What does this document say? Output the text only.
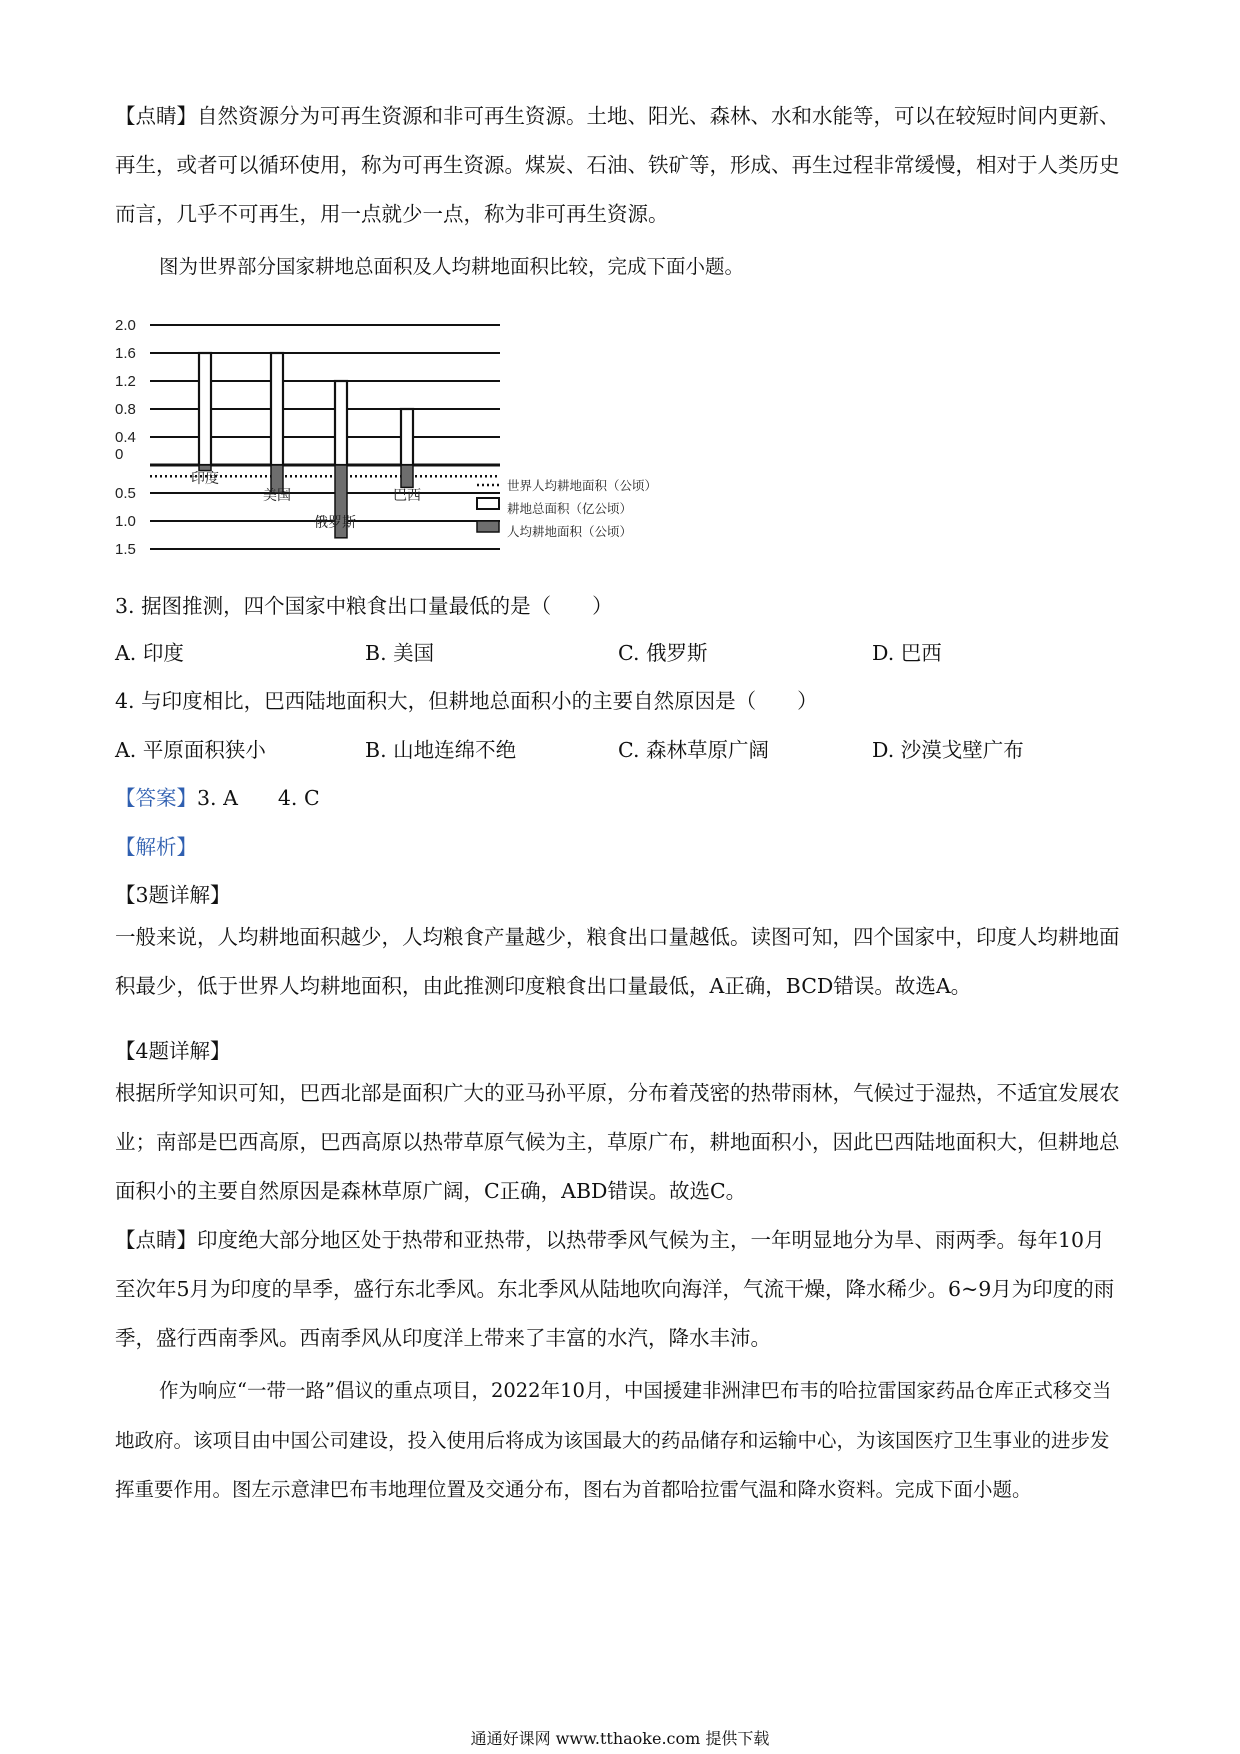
【点睛】自然资源分为可再生资源和非可再生资源。土地、阳光、森林、水和水能等，可以在较短时间内更新、再生，或者可以循环使用，称为可再生资源。煤炭、石油、铁矿等，形成、再生过程非常缓慢，相对于人类历史而言，几乎不可再生，用一点就少一点，称为非可再生资源。

图为世界部分国家耕地总面积及人均耕地面积比较，完成下面小题。

2.0
1.6
1.2
0.8
0.4
0
0.5
1.0
1.5
印度
美国
俄罗斯
巴西
世界人均耕地面积（公顷）
耕地总面积（亿公顷）
人均耕地面积（公顷）

3. 据图推测，四个国家中粮食出口量最低的是（　　）

A. 印度	B. 美国	C. 俄罗斯	D. 巴西

4. 与印度相比，巴西陆地面积大，但耕地总面积小的主要自然原因是（　　）

A. 平原面积狭小	B. 山地连绵不绝	C. 森林草原广阔	D. 沙漠戈壁广布

【答案】3. A 4. C

【解析】

【3题详解】

一般来说，人均耕地面积越少，人均粮食产量越少，粮食出口量越低。读图可知，四个国家中，印度人均耕地面积最少，低于世界人均耕地面积，由此推测印度粮食出口量最低，A正确，BCD错误。故选A。

【4题详解】

根据所学知识可知，巴西北部是面积广大的亚马孙平原，分布着茂密的热带雨林，气候过于湿热，不适宜发展农业；南部是巴西高原，巴西高原以热带草原气候为主，草原广布，耕地面积小，因此巴西陆地面积大，但耕地总面积小的主要自然原因是森林草原广阔，C正确，ABD错误。故选C。

【点睛】印度绝大部分地区处于热带和亚热带，以热带季风气候为主，一年明显地分为旱、雨两季。每年10月至次年5月为印度的旱季，盛行东北季风。东北季风从陆地吹向海洋，气流干燥，降水稀少。6~9月为印度的雨季，盛行西南季风。西南季风从印度洋上带来了丰富的水汽，降水丰沛。

作为响应“一带一路”倡议的重点项目，2022年10月，中国援建非洲津巴布韦的哈拉雷国家药品仓库正式移交当地政府。该项目由中国公司建设，投入使用后将成为该国最大的药品储存和运输中心，为该国医疗卫生事业的进步发挥重要作用。图左示意津巴布韦地理位置及交通分布，图右为首都哈拉雷气温和降水资料。完成下面小题。

通通好课网 www.tthaoke.com 提供下载
